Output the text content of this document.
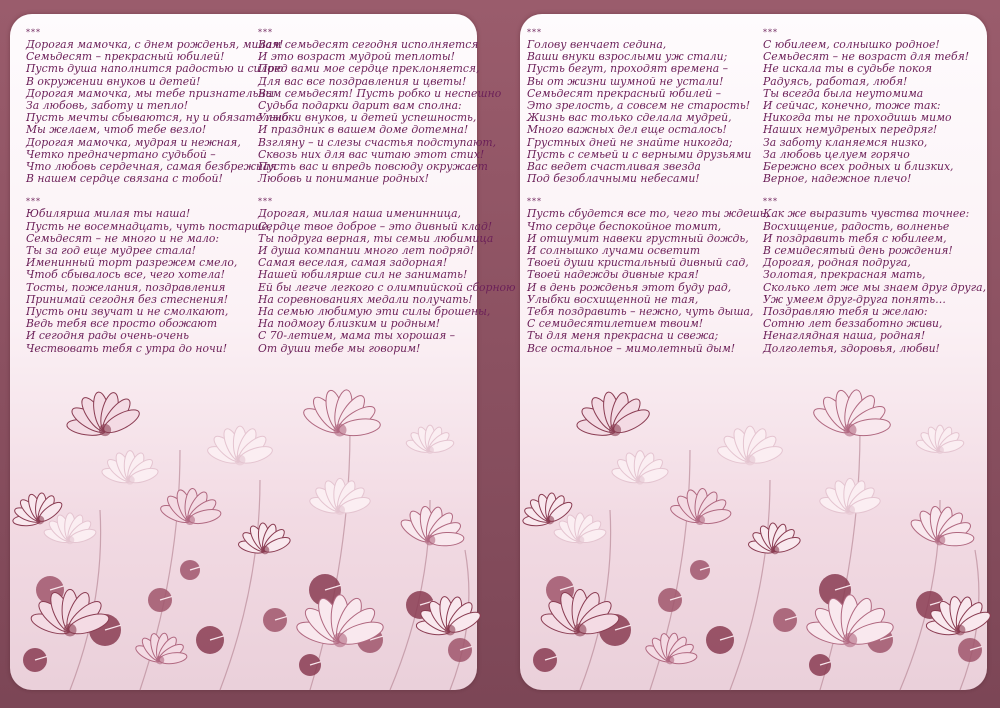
***
Дорогая мамочка, с днем рожденья, милая!
Семьдесят – прекрасный юбилей!
Пусть душа наполнится радостью и силою
В окружении внуков и детей!
Дорогая мамочка, мы тебе признательны
За любовь, заботу и тепло!
Пусть мечты сбываются, ну и обязательно
Мы желаем, чтоб тебе везло!
Дорогая мамочка, мудрая и нежная,
Четко предначертано судьбой –
Что любовь сердечная, самая безбрежная
В нашем сердце связана с тобой!
***
Юбилярша милая ты наша!
Пусть не восемнадцать, чуть постарше,
Семьдесят – не много и не мало:
Ты за год еще мудрее стала!
Именинный торт разрежем смело,
Чтоб сбывалось все, чего хотела!
Тосты, пожелания, поздравления
Принимай сегодня без стеснения!
Пусть они звучат и не смолкают,
Ведь тебя все просто обожают
И сегодня рады очень-очень
Чествовать тебя с утра до ночи!
***
Вам семьдесят сегодня исполняется
И это возраст мудрой теплоты!
Пред вами мое сердце преклоняется,
Для вас все поздравления и цветы!
Вам семьдесят! Пусть робко и неспешно
Судьба подарки дарит вам сполна:
Улыбки внуков, и детей успешность,
И праздник в вашем доме дотемна!
Взгляну – и слезы счастья подступают,
Сквозь них для вас читаю этот стих!
Пусть вас и впредь повсюду окружает
Любовь и понимание родных!
***
Дорогая, милая наша именинница,
Сердце твое доброе – это дивный клад!
Ты подруга верная, ты семьи любимица
И душа компании много лет подряд!
Самая веселая, самая задорная!
Нашей юбилярше сил не занимать!
Ей бы легче легкого с олимпийской сборною
На соревнованиях медали получать!
На семью любимую эти силы брошены,
На подмогу близким и родным!
С 70-летием, мама ты хорошая –
От души тебе мы говорим!
***
Голову венчает седина,
Ваши внуки взрослыми уж стали;
Пусть бегут, проходят времена –
Вы от жизни шумной не устали!
Семьдесят прекрасный юбилей –
Это зрелость, а совсем не старость!
Жизнь вас только сделала мудрей,
Много важных дел еще осталось!
Грустных дней не знайте никогда;
Пусть с семьей и с верными друзьями
Вас ведет счастливая звезда
Под безоблачными небесами!
***
Пусть сбудется все то, чего ты ждешь,
Что сердце беспокойное томит,
И отшумит навеки грустный дождь,
И солнышко лучами осветит
Твоей души кристальный дивный сад,
Твоей надежды дивные края!
И в день рожденья этот буду рад,
Улыбки восхищенной не тая,
Тебя поздравить – нежно, чуть дыша,
С семидесятилетием твоим!
Ты для меня прекрасна и свежа;
Все остальное – мимолетный дым!
***
С юбилеем, солнышко родное!
Семьдесят – не возраст для тебя!
Не искала ты в судьбе покоя
Радуясь, работая, любя!
Ты всегда была неутомима
И сейчас, конечно, тоже так:
Никогда ты не проходишь мимо
Наших немудреных передряг!
За заботу кланяемся низко,
За любовь целуем горячо
Бережно всех родных и близких,
Верное, надежное плечо!
***
Как же выразить чувства точнее:
Восхищение, радость, волненье
И поздравить тебя с юбилеем,
В семидесятый день рождения!
Дорогая, родная подруга,
Золотая, прекрасная мать,
Сколько лет же мы знаем друг друга,
Уж умеем друг-друга понять…
Поздравляю тебя и желаю:
Сотню лет беззаботно живи,
Ненаглядная наша, родная!
Долголетья, здоровья, любви!
